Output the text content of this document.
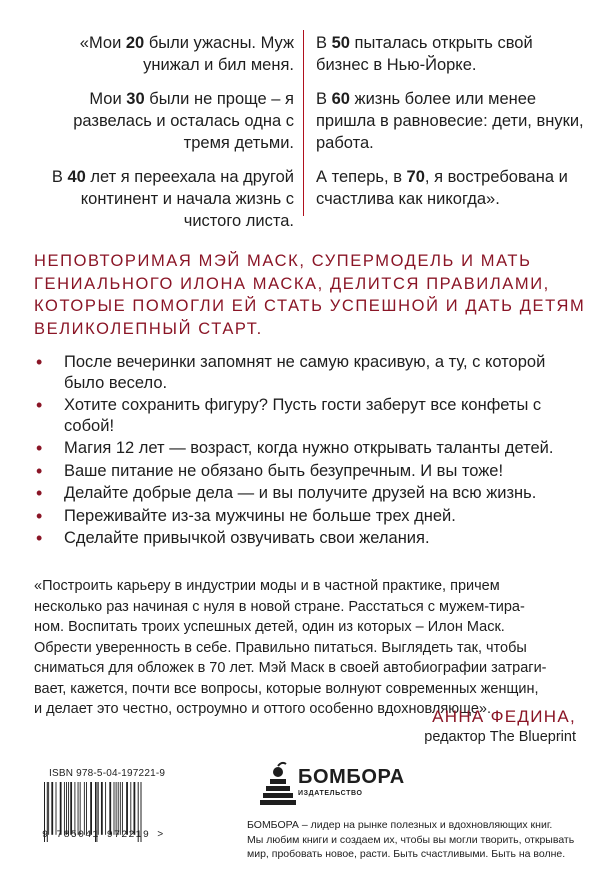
«Мои 20 были ужасны. Муж унижал и бил меня.

Мои 30 были не проще – я развелась и осталась одна с тремя детьми.

В 40 лет я переехала на другой континент и начала жизнь с чистого листа.

В 50 пыталась открыть свой бизнес в Нью-Йорке.

В 60 жизнь более или менее пришла в равновесие: дети, внуки, работа.

А теперь, в 70, я востребована и счастлива как никогда».

НЕПОВТОРИМАЯ МЭЙ МАСК, СУПЕРМОДЕЛЬ И МАТЬ
ГЕНИАЛЬНОГО ИЛОНА МАСКА, ДЕЛИТСЯ ПРАВИЛАМИ,
КОТОРЫЕ ПОМОГЛИ ЕЙ СТАТЬ УСПЕШНОЙ И ДАТЬ ДЕТЯМ
ВЕЛИКОЛЕПНЫЙ СТАРТ.
• После вечеринки запомнят не самую красивую, а ту, с которой было весело.
• Хотите сохранить фигуру? Пусть гости заберут все конфеты с собой!
• Магия 12 лет — возраст, когда нужно открывать таланты детей.
• Ваше питание не обязано быть безупречным. И вы тоже!
• Делайте добрые дела — и вы получите друзей на всю жизнь.
• Переживайте из-за мужчины не больше трех дней.
• Сделайте привычкой озвучивать свои желания.
«Построить карьеру в индустрии моды и в частной практике, причем
несколько раз начиная с нуля в новой стране. Расстаться с мужем-тира-
ном. Воспитать троих успешных детей, один из которых – Илон Маск.
Обрести уверенность в себе. Правильно питаться. Выглядеть так, чтобы
сниматься для обложек в 70 лет. Мэй Маск в своей автобиографии затраги-
вает, кажется, почти все вопросы, которые волнуют современных женщин,
и делает это честно, остроумно и оттого особенно вдохновляюще».
АННА ФЕДИНА,
редактор The Blueprint
ISBN 978-5-04-197221-9
9 785041 972219 >
БОМБОРА
ИЗДАТЕЛЬСТВО
БОМБОРА – лидер на рынке полезных и вдохновляющих книг.
Мы любим книги и создаем их, чтобы вы могли творить, открывать
мир, пробовать новое, расти. Быть счастливыми. Быть на волне.
